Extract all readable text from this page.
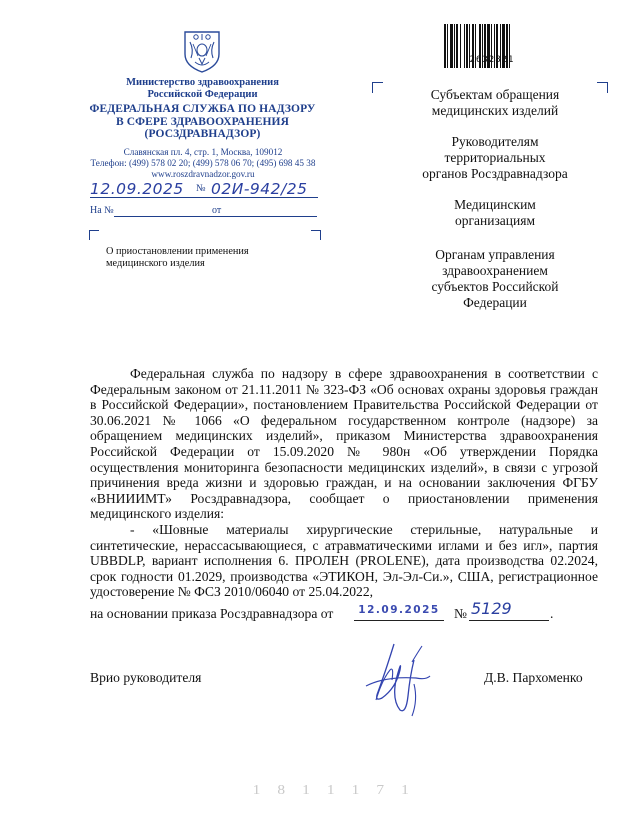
Министерство здравоохранения
Российской Федерации
ФЕДЕРАЛЬНАЯ СЛУЖБА ПО НАДЗОРУ
В СФЕРЕ ЗДРАВООХРАНЕНИЯ
(РОСЗДРАВНАДЗОР)
Славянская пл. 4, стр. 1, Москва, 109012
Телефон: (499) 578 02 20; (499) 578 06 70; (495) 698 45 38
www.roszdravnadzor.gov.ru
12.09.2025 № 02И-942/25
На №	от
О приостановлении применения
медицинского изделия
2632821
Субъектам обращения
медицинских изделий
Руководителям
территориальных
органов Росздравнадзора
Медицинским
организациям
Органам управления
здравоохранением
субъектов Российской
Федерации

Федеральная служба по надзору в сфере здравоохранения в соответствии с Федеральным законом от 21.11.2011 № 323-ФЗ «Об основах охраны здоровья граждан в Российской Федерации», постановлением Правительства Российской Федерации от 30.06.2021 № 1066 «О федеральном государственном контроле (надзоре) за обращением медицинских изделий», приказом Министерства здравоохранения Российской Федерации от 15.09.2020 № 980н «Об утверждении Порядка осуществления мониторинга безопасности медицинских изделий», в связи с угрозой причинения вреда жизни и здоровью граждан, и на основании заключения ФГБУ «ВНИИИМТ» Росздравнадзора, сообщает о приостановлении применения медицинского изделия:

- «Шовные материалы хирургические стерильные, натуральные и синтетические, нерассасывающиеся, с атравматическими иглами и без игл», партия UBBDLP, вариант исполнения 6. ПРОЛЕН (PROLENE), дата производства 02.2024, срок годности 01.2029, производства «ЭТИКОН, Эл-Эл-Си.», США, регистрационное удостоверение № ФСЗ 2010/06040 от 25.04.2022,

на основании приказа Росздравнадзора от	12.09.2025	№ 5129	.
Врио руководителя	Д.В. Пархоменко
1 8 1 1 1 7 1
